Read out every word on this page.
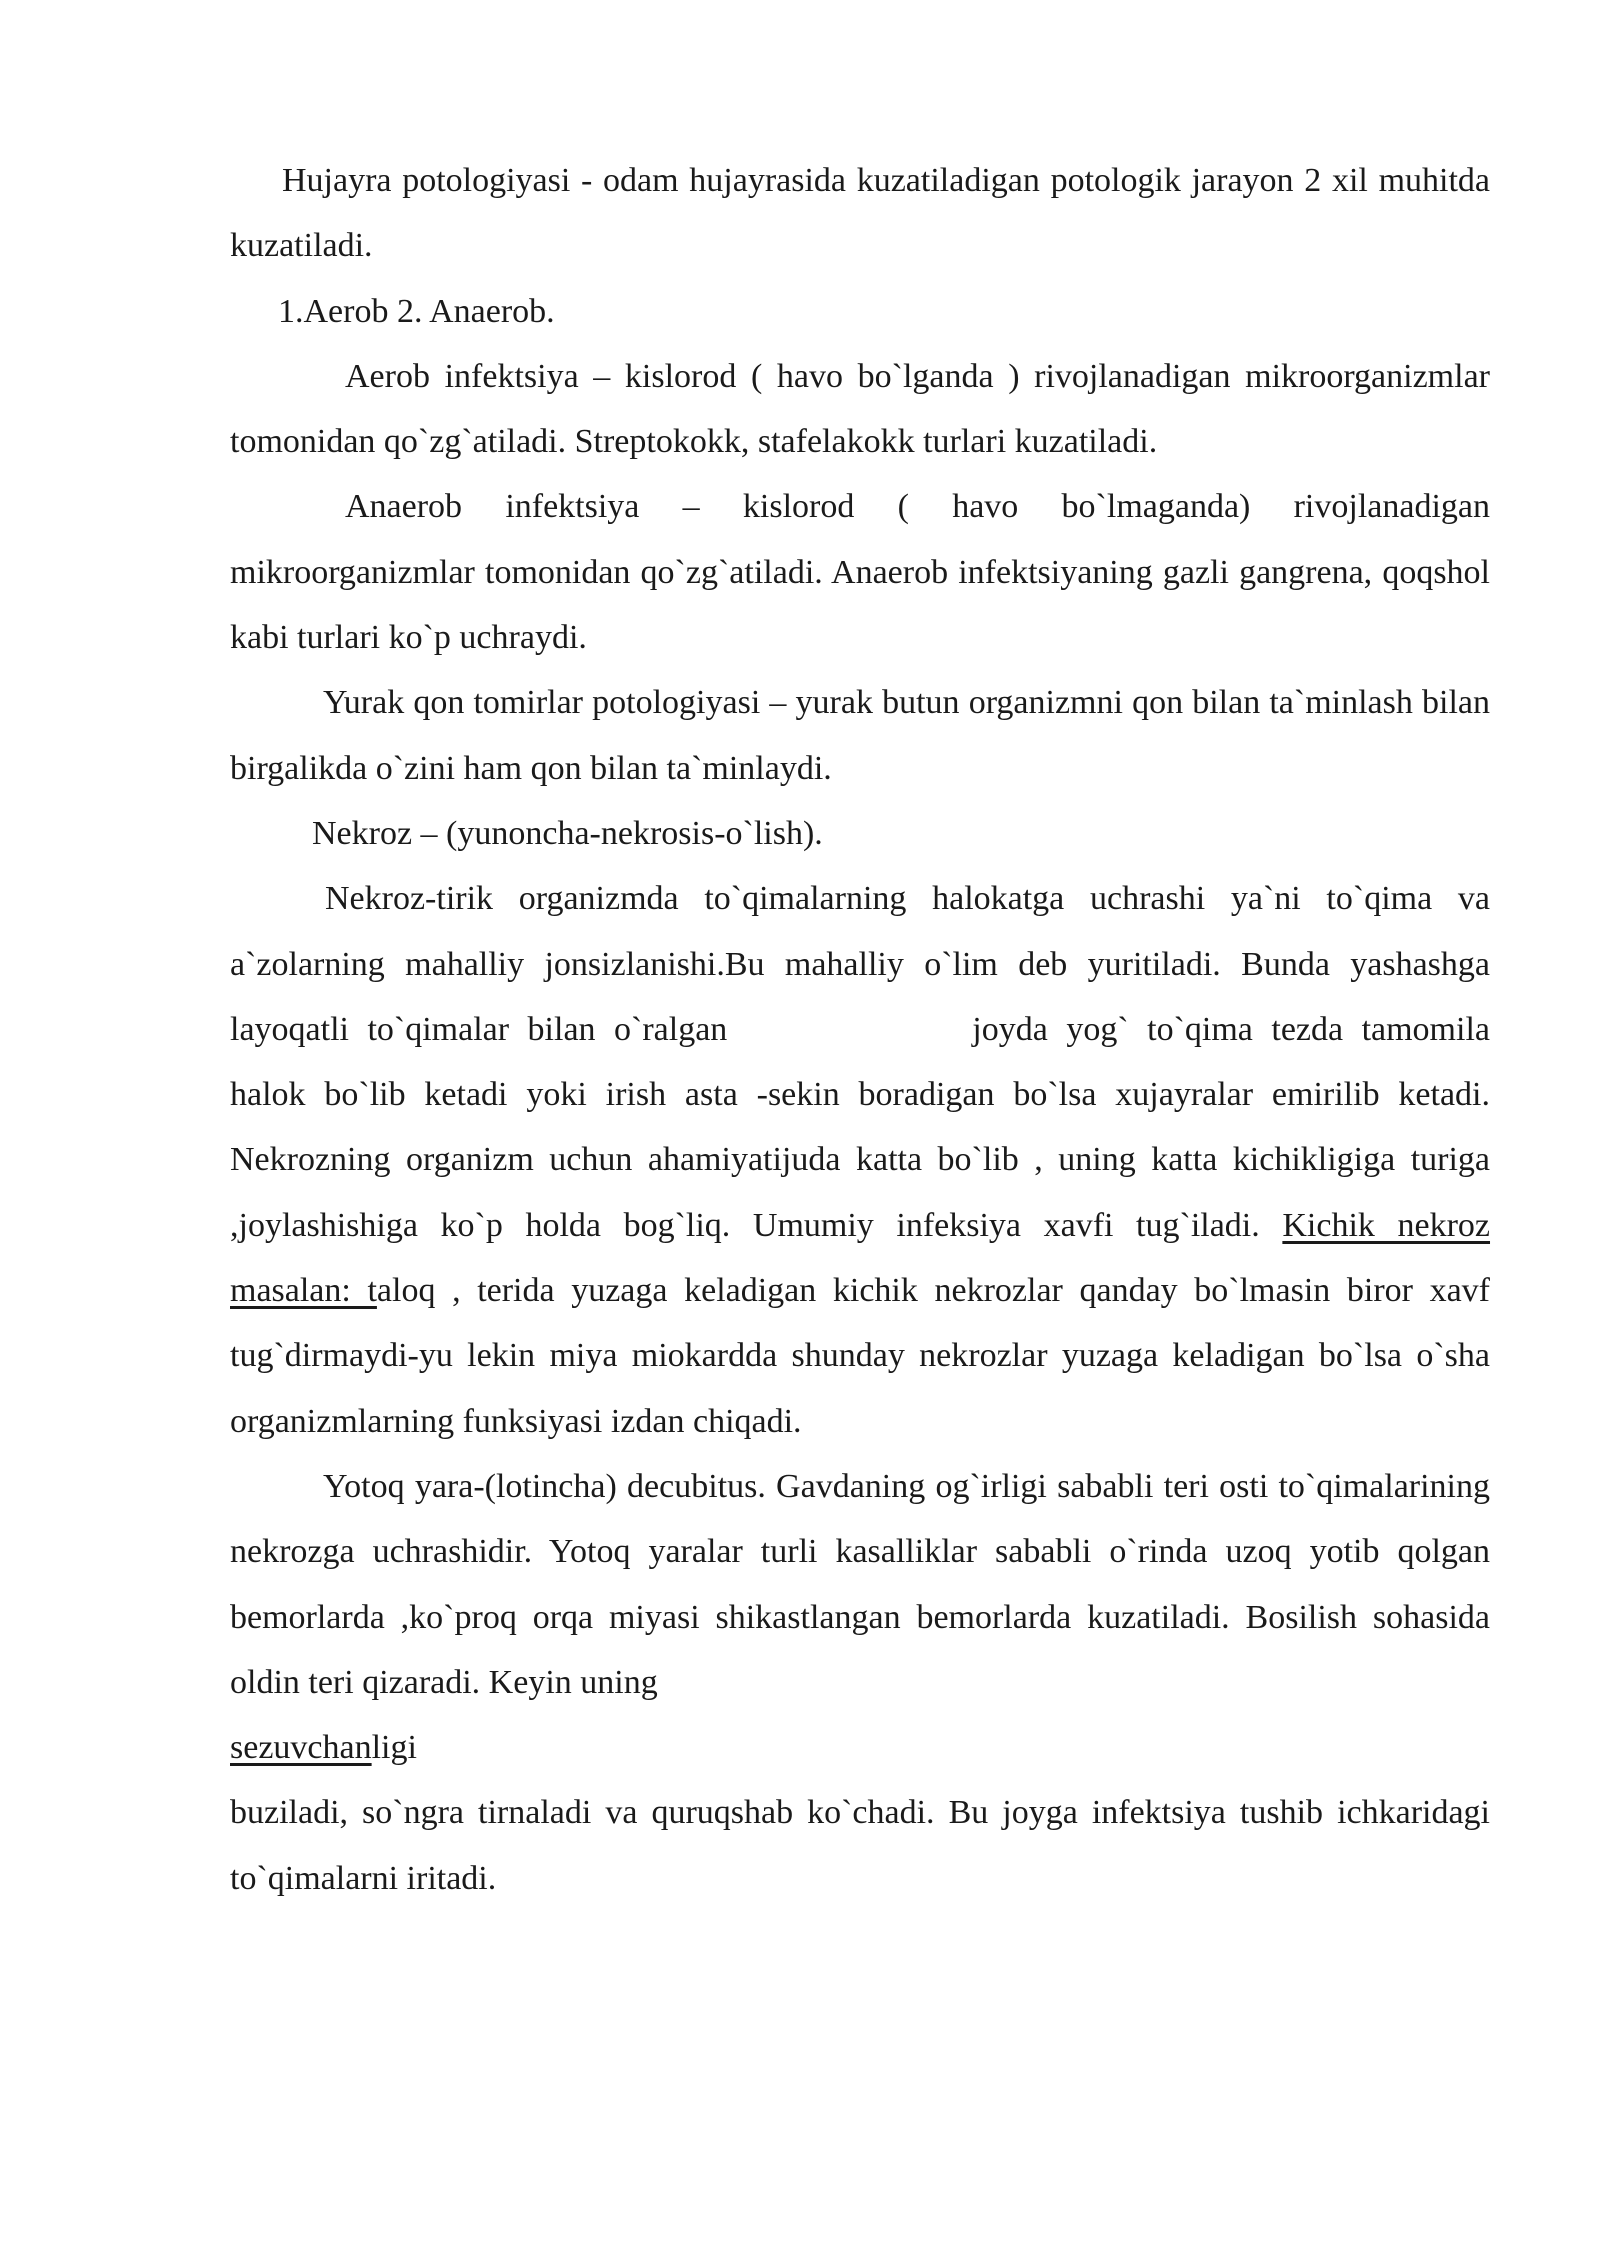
Hujayra potologiyasi - odam hujayrasida kuzatiladigan potologik jarayon 2 xil muhitda kuzatiladi.

1.Aerob 2. Anaerob.

Aerob infektsiya – kislorod ( havo bo`lganda ) rivojlanadigan mikroorganizmlar tomonidan qo`zg`atiladi. Streptokokk, stafelakokk turlari kuzatiladi.

Anaerob infektsiya – kislorod ( havo bo`lmaganda) rivojlanadigan mikroorganizmlar tomonidan qo`zg`atiladi. Anaerob infektsiyaning gazli gangrena, qoqshol kabi turlari ko`p uchraydi.

Yurak qon tomirlar potologiyasi – yurak butun organizmni qon bilan ta`minlash bilan birgalikda o`zini ham qon bilan ta`minlaydi.

Nekroz – (yunoncha-nekrosis-o`lish).

Nekroz-tirik organizmda to`qimalarning halokatga uchrashi ya`ni to`qima va a`zolarning mahalliy jonsizlanishi.Bu mahalliy o`lim deb yuritiladi. Bunda yashashga layoqatli to`qimalar bilan o`ralgan	joyda yog` to`qima tezda tamomila halok bo`lib ketadi yoki irish asta -sekin boradigan bo`lsa xujayralar emirilib ketadi. Nekrozning organizm uchun ahamiyatijuda katta bo`lib , uning katta kichikligiga turiga ,joylashishiga ko`p holda bog`liq. Umumiy infeksiya xavfi tug`iladi. Kichik nekroz masalan: taloq , terida yuzaga keladigan kichik nekrozlar qanday bo`lmasin biror xavf tug`dirmaydi-yu lekin miya miokardda shunday nekrozlar yuzaga keladigan bo`lsa o`sha organizmlarning funksiyasi izdan chiqadi.

Yotoq yara-(lotincha) decubitus. Gavdaning og`irligi sababli teri osti to`qimalarining nekrozga uchrashidir. Yotoq yaralar turli kasalliklar sababli o`rinda uzoq yotib qolgan bemorlarda ,ko`proq orqa miyasi shikastlangan bemorlarda kuzatiladi. Bosilish sohasida oldin teri qizaradi. Keyin uning
sezuvchanligi

buziladi, so`ngra tirnaladi va quruqshab ko`chadi. Bu joyga infektsiya tushib ichkaridagi to`qimalarni iritadi.
